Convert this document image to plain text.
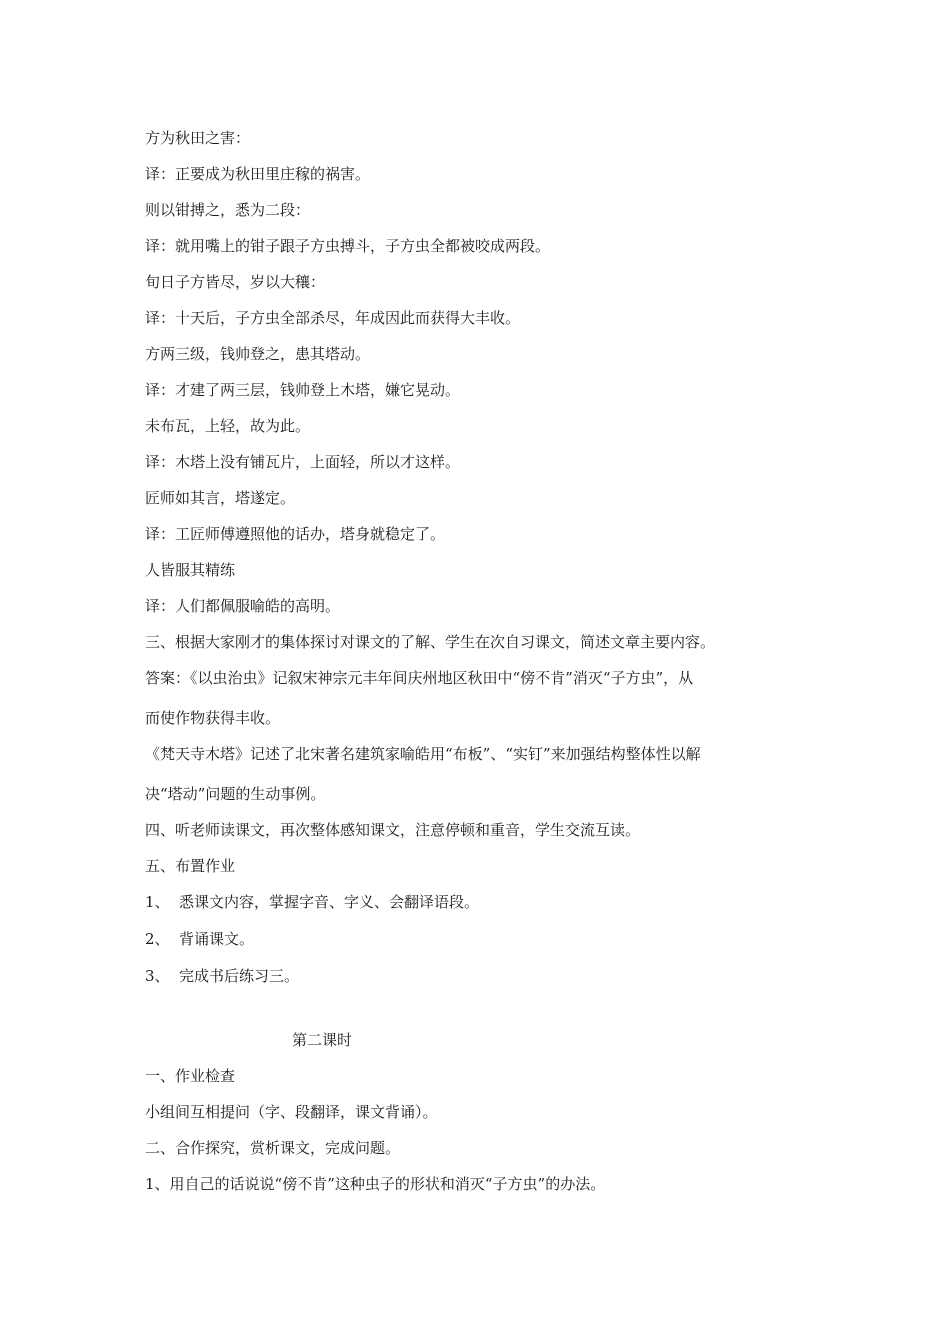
方为秋田之害：
译：正要成为秋田里庄稼的祸害。
则以钳搏之，悉为二段：
译：就用嘴上的钳子跟子方虫搏斗，子方虫全都被咬成两段。
旬日子方皆尽，岁以大穰：
译：十天后，子方虫全部杀尽，年成因此而获得大丰收。
方两三级，钱帅登之，患其塔动。
译：才建了两三层，钱帅登上木塔，嫌它晃动。
未布瓦，上轻，故为此。
译：木塔上没有铺瓦片，上面轻，所以才这样。
匠师如其言，塔遂定。
译：工匠师傅遵照他的话办，塔身就稳定了。
人皆服其精练
译：人们都佩服喻皓的高明。
三、根据大家刚才的集体探讨对课文的了解、学生在次自习课文，简述文章主要内容。
答案：《以虫治虫》记叙宋神宗元丰年间庆州地区秋田中“傍不肯”消灭“子方虫”，从
而使作物获得丰收。
《梵天寺木塔》记述了北宋著名建筑家喻皓用“布板”、“实钉”来加强结构整体性以解
决“塔动”问题的生动事例。
四、听老师读课文，再次整体感知课文，注意停顿和重音，学生交流互读。
五、布置作业
1、 悉课文内容，掌握字音、字义、会翻译语段。
2、 背诵课文。
3、 完成书后练习三。
第二课时
一、作业检查
小组间互相提问（字、段翻译，课文背诵）。
二、合作探究，赏析课文，完成问题。
1、用自己的话说说“傍不肯”这种虫子的形状和消灭“子方虫”的办法。
